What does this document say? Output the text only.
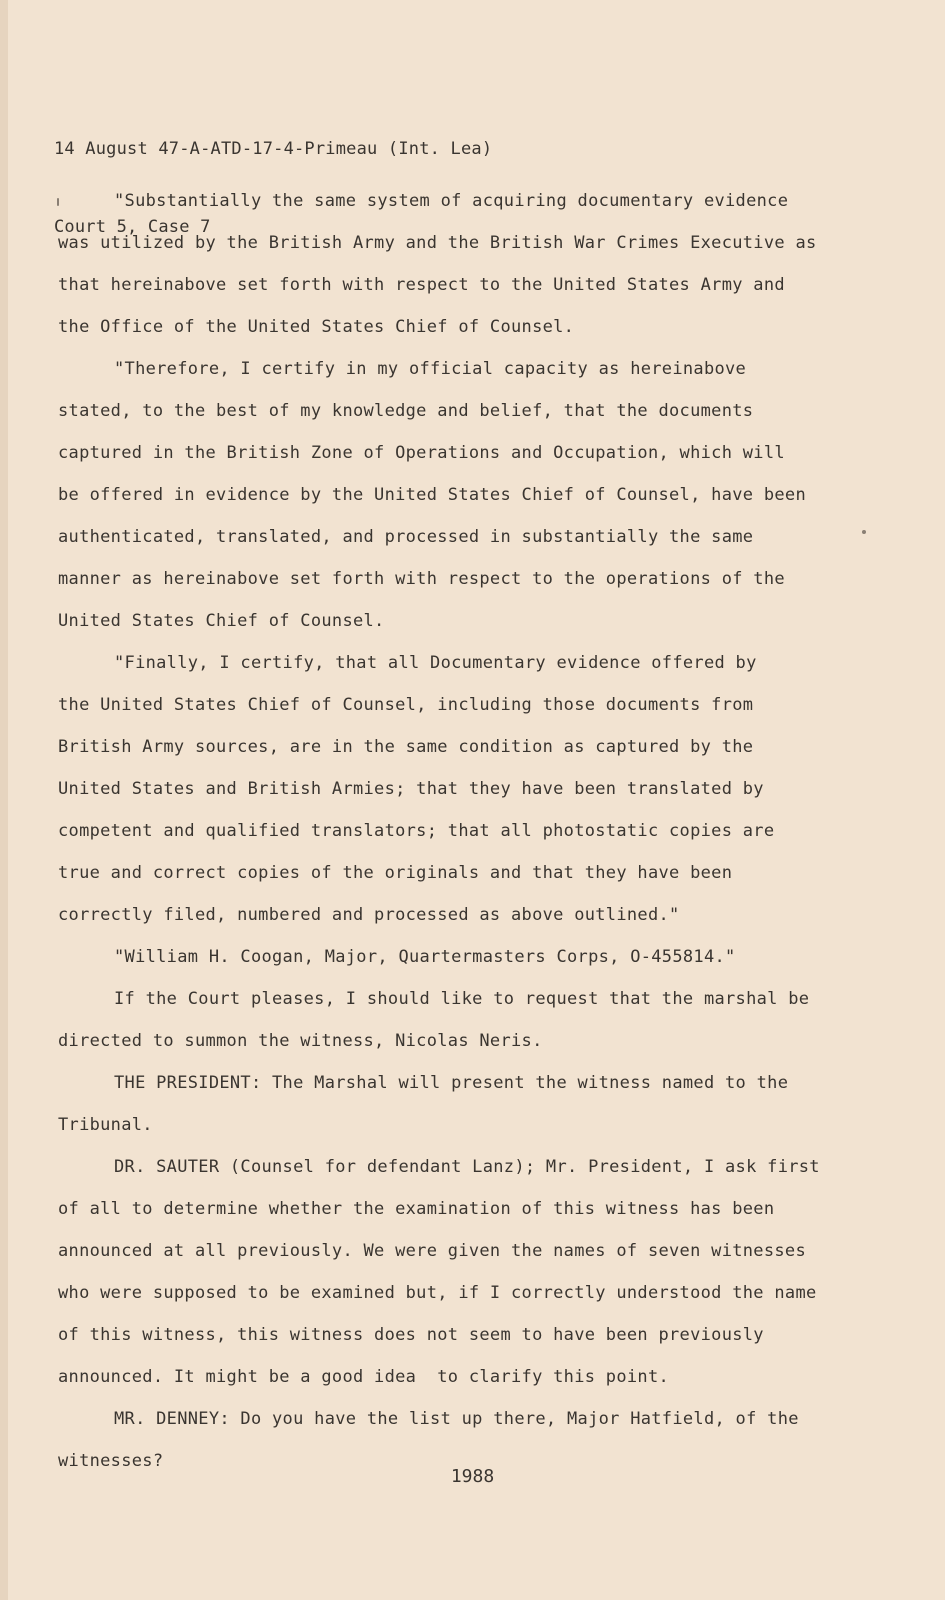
14 August 47-A-ATD-17-4-Primeau (Int. Lea)

Court 5, Case 7

"Substantially the same system of acquiring documentary evidence

was utilized by the British Army and the British War Crimes Executive as

that hereinabove set forth with respect to the United States Army and

the Office of the United States Chief of Counsel.

"Therefore, I certify in my official capacity as hereinabove

stated, to the best of my knowledge and belief, that the documents

captured in the British Zone of Operations and Occupation, which will

be offered in evidence by the United States Chief of Counsel, have been

authenticated, translated, and processed in substantially the same

manner as hereinabove set forth with respect to the operations of the

United States Chief of Counsel.

"Finally, I certify, that all Documentary evidence offered by

the United States Chief of Counsel, including those documents from

British Army sources, are in the same condition as captured by the

United States and British Armies; that they have been translated by

competent and qualified translators; that all photostatic copies are

true and correct copies of the originals and that they have been

correctly filed, numbered and processed as above outlined."

"William H. Coogan, Major, Quartermasters Corps, O-455814."

If the Court pleases, I should like to request that the marshal be

directed to summon the witness, Nicolas Neris.

THE PRESIDENT: The Marshal will present the witness named to the

Tribunal.

DR. SAUTER (Counsel for defendant Lanz); Mr. President, I ask first

of all to determine whether the examination of this witness has been

announced at all previously. We were given the names of seven witnesses

who were supposed to be examined but, if I correctly understood the name

of this witness, this witness does not seem to have been previously

announced. It might be a good idea  to clarify this point.

MR. DENNEY: Do you have the list up there, Major Hatfield, of the

witnesses?

1988
